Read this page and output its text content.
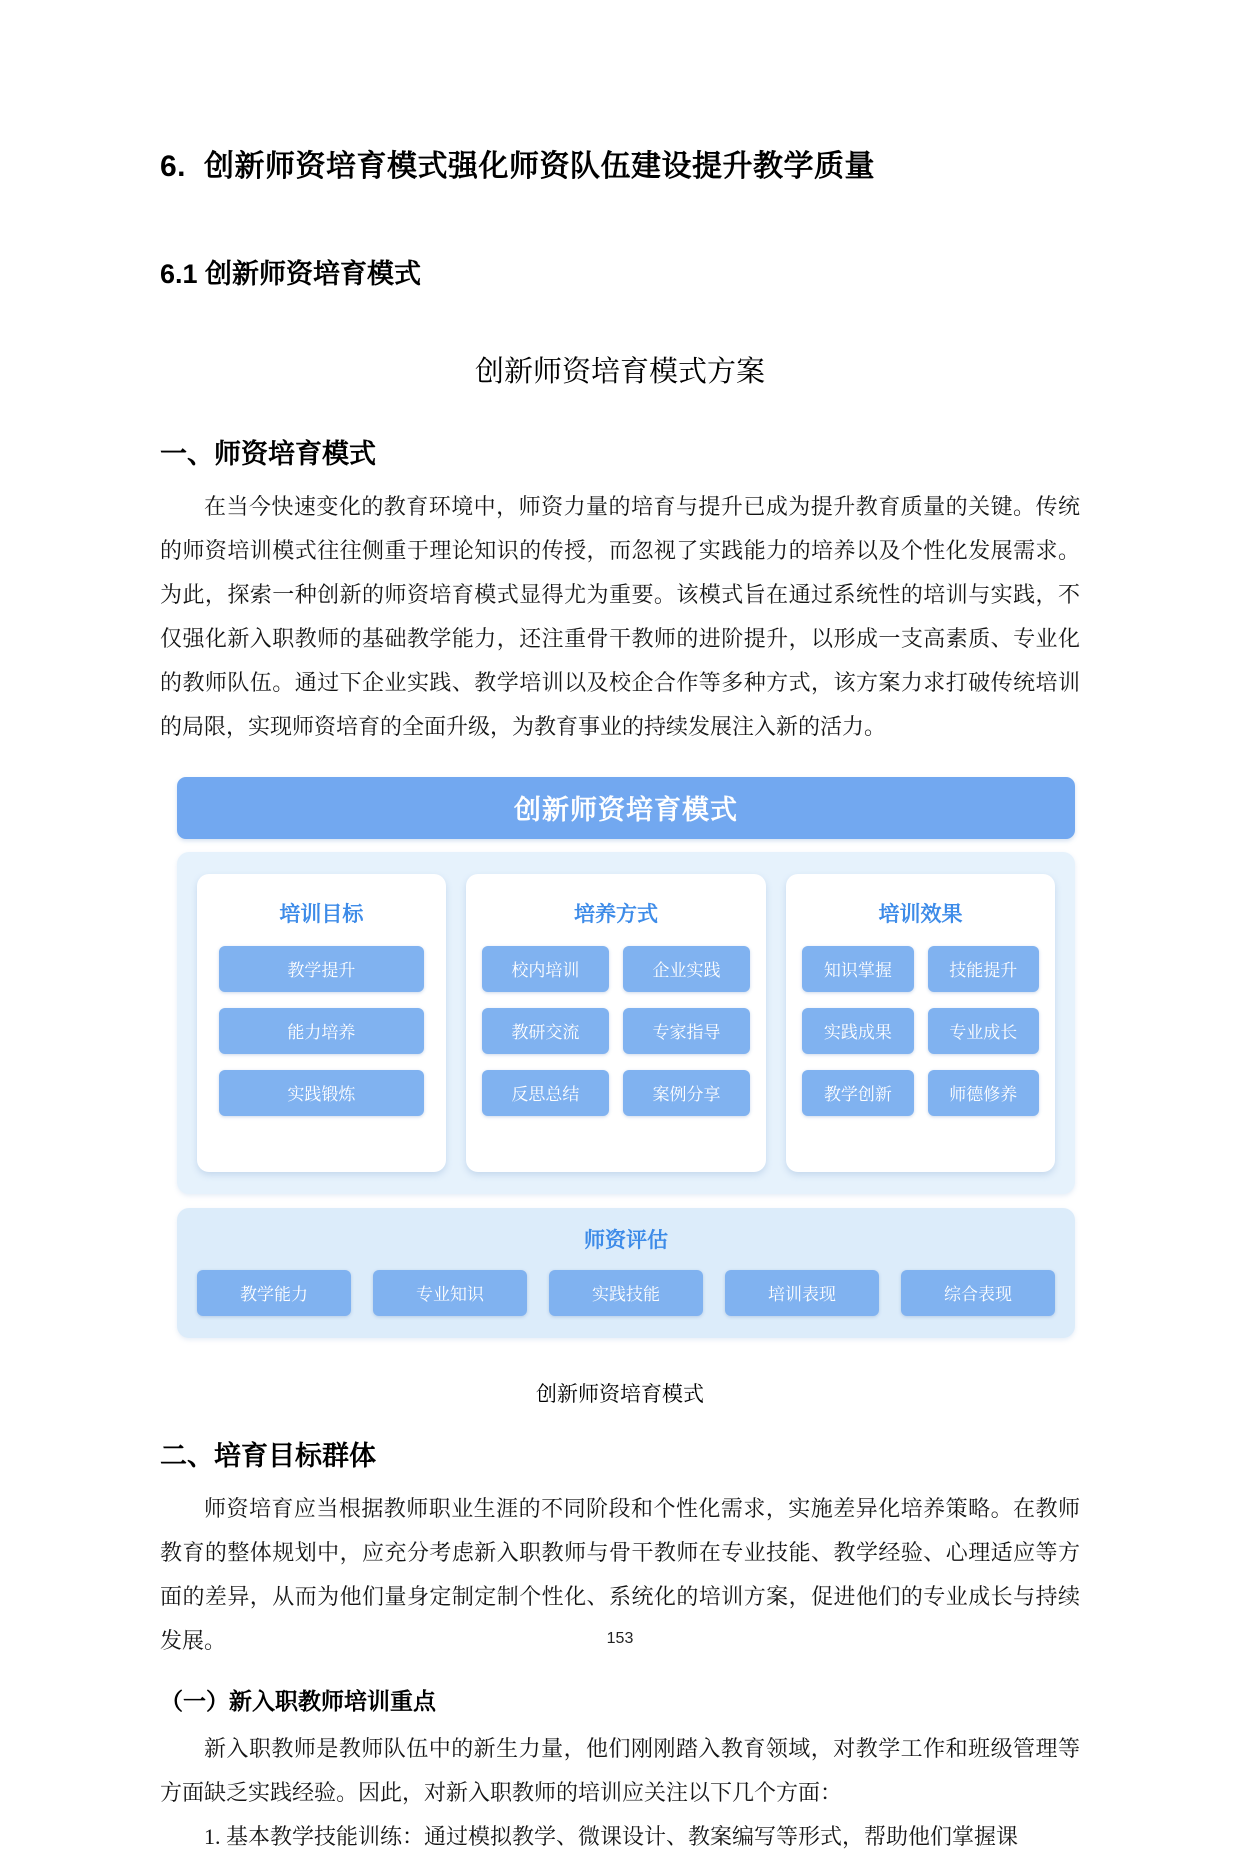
6. 创新师资培育模式强化师资队伍建设提升教学质量
6.1 创新师资培育模式
创新师资培育模式方案
一、师资培育模式
在当今快速变化的教育环境中，师资力量的培育与提升已成为提升教育质量的关键。传统的师资培训模式往往侧重于理论知识的传授，而忽视了实践能力的培养以及个性化发展需求。为此，探索一种创新的师资培育模式显得尤为重要。该模式旨在通过系统性的培训与实践，不仅强化新入职教师的基础教学能力，还注重骨干教师的进阶提升，以形成一支高素质、专业化的教师队伍。通过下企业实践、教学培训以及校企合作等多种方式，该方案力求打破传统培训的局限，实现师资培育的全面升级，为教育事业的持续发展注入新的活力。
创新师资培育模式
培训目标
教学提升
能力培养
实践锻炼
培养方式
校内培训	企业实践
教研交流	专家指导
反思总结	案例分享
培训效果
知识掌握	技能提升
实践成果	专业成长
教学创新	师德修养
师资评估
教学能力	专业知识	实践技能	培训表现	综合表现
创新师资培育模式
二、培育目标群体
师资培育应当根据教师职业生涯的不同阶段和个性化需求，实施差异化培养策略。在教师教育的整体规划中，应充分考虑新入职教师与骨干教师在专业技能、教学经验、心理适应等方面的差异，从而为他们量身定制定制个性化、系统化的培训方案，促进他们的专业成长与持续发展。
（一）新入职教师培训重点
新入职教师是教师队伍中的新生力量，他们刚刚踏入教育领域，对教学工作和班级管理等方面缺乏实践经验。因此，对新入职教师的培训应关注以下几个方面：
1. 基本教学技能训练：通过模拟教学、微课设计、教案编写等形式，帮助他们掌握课
153
